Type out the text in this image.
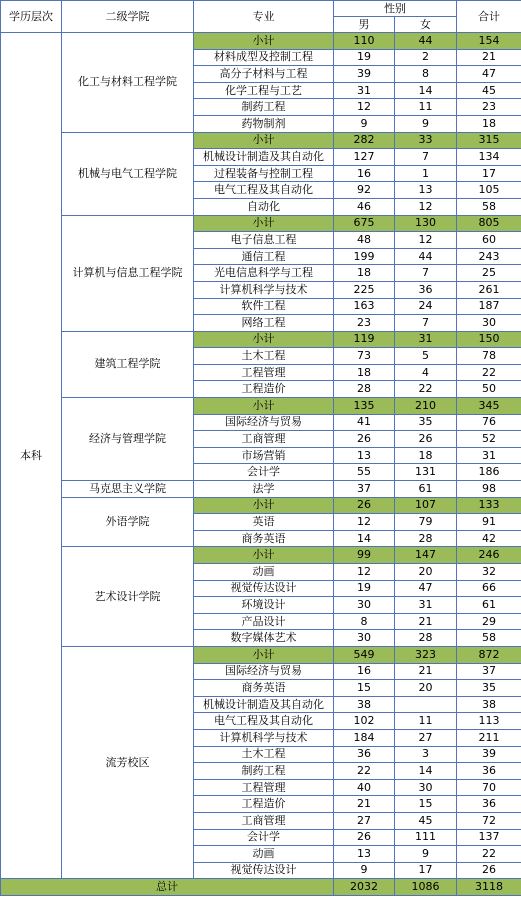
学历层次	二级学院	专业	性别		合计
			男	女	
本科	化工与材料工程学院	小计	110	44	154
		材料成型及控制工程	19	2	21
		高分子材料与工程	39	8	47
		化学工程与工艺	31	14	45
		制药工程	12	11	23
		药物制剂	9	9	18
	机械与电气工程学院	小计	282	33	315
		机械设计制造及其自动化	127	7	134
		过程装备与控制工程	16	1	17
		电气工程及其自动化	92	13	105
		自动化	46	12	58
	计算机与信息工程学院	小计	675	130	805
		电子信息工程	48	12	60
		通信工程	199	44	243
		光电信息科学与工程	18	7	25
		计算机科学与技术	225	36	261
		软件工程	163	24	187
		网络工程	23	7	30
	建筑工程学院	小计	119	31	150
		土木工程	73	5	78
		工程管理	18	4	22
		工程造价	28	22	50
	经济与管理学院	小计	135	210	345
		国际经济与贸易	41	35	76
		工商管理	26	26	52
		市场营销	13	18	31
		会计学	55	131	186
	马克思主义学院	法学	37	61	98
	外语学院	小计	26	107	133
		英语	12	79	91
		商务英语	14	28	42
	艺术设计学院	小计	99	147	246
		动画	12	20	32
		视觉传达设计	19	47	66
		环境设计	30	31	61
		产品设计	8	21	29
		数字媒体艺术	30	28	58
	流芳校区	小计	549	323	872
		国际经济与贸易	16	21	37
		商务英语	15	20	35
		机械设计制造及其自动化	38		38
		电气工程及其自动化	102	11	113
		计算机科学与技术	184	27	211
		土木工程	36	3	39
		制药工程	22	14	36
		工程管理	40	30	70
		工程造价	21	15	36
		工商管理	27	45	72
		会计学	26	111	137
		动画	13	9	22
		视觉传达设计	9	17	26
总计			2032	1086	3118
